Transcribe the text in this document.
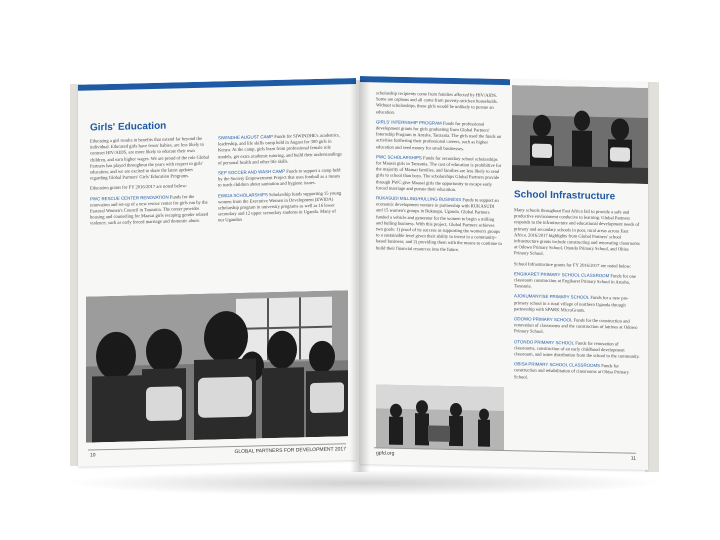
Girls' Education

Educating a girl results in benefits that extend far beyond the individual. Educated girls have fewer babies, are less likely to contract HIV/AIDS, are more likely to educate their own children, and earn higher wages. We are proud of the role Global Partners has played throughout the years with respect to girls' education, and we are excited to share the latest updates regarding Global Partners' Girls' Education Programs.

Education grants for FY 2016/2017 are noted below:

PWC RESCUE CENTER RENOVATION Funds for the renovation and set-up of a new rescue center for girls run by the Pastoral Women's Council in Tanzania. The center provides housing and counseling for Maasai girls escaping gender related violence, such as early forced marriage and domestic abuse.

SIWINDHE AUGUST CAMP Funds for SIWINDHE's academics, leadership, and life skills camp held in August for 300 girls in Kenya. At the camp, girls learn from professional female role models, get extra academic tutoring, and build their understandings of personal health and other life skills.

SEP SOCCER AND WASH CAMP Funds to support a camp held by the Society Empowerment Project that uses football as a means to teach children about sanitation and hygiene issues.

EWIDA SCHOLARSHIPS Scholarship funds supporting 15 young women from the Executive Women in Development (EWIDA) scholarship program in university programs as well as 16 lower secondary and 12 upper secondary students in Uganda. Many of our Ugandan

10
GLOBAL PARTNERS FOR DEVELOPMENT 2017

scholarship recipients come from families affected by HIV/AIDS. Some are orphans and all come from poverty-stricken households. Without scholarships, these girls would be unlikely to pursue an education.

GIRLS' INTERNSHIP PROGRAM Funds for professional development grants for girls graduating from Global Partners' Internship Program in Arusha, Tanzania. The girls used the funds on activities furthering their professional careers, such as higher education and seed money for small businesses.

PWC SCHOLARSHIPS Funds for secondary school scholarships for Maasai girls in Tanzania. The cost of education is prohibitive for the majority of Maasai families, and families are less likely to send girls to school than boys. The scholarships Global Partners provide through PWC give Maasai girls the opportunity to escape early forced marriage and pursue their education.

RUKASUDI MILLING/HULLING BUSINESS Funds to support an economic development venture in partnership with RUKASUDI and 15 women's groups in Bukungu, Uganda. Global Partners funded a vehicle and generator for the women to begin a milling and hulling business. With this project, Global Partners achieves two goals: 1) proof of its success as supporting the women's groups to a sustainable level given their ability to invest in a community-based business; and 2) providing them with the means to continue to build their financial resources into the future.

School Infrastructure

Many schools throughout East Africa fail to provide a safe and productive environment conducive to learning. Global Partners responds to the infrastructure and educational development needs of primary and secondary schools in poor, rural areas across East Africa. 2016/2017 highlights from Global Partners' school infrastructure grants include constructing and renovating classrooms at Odowo Primary School, Otondo Primary School, and Obisa Primary School.

School Infrastructure grants for FY 2016/2017 are noted below:

ENGIKARET PRIMARY SCHOOL CLASSROOM Funds for one classroom construction at Engikaret Primary School in Arusha, Tanzania.

AJOKUMANYISE PRIMARY SCHOOL Funds for a new pre-primary school in a rural village of northern Uganda through partnership with SPARK MicroGrants.

ODOWO PRIMARY SCHOOL Funds for the construction and renovation of classrooms and the construction of latrines at Odowo Primary School.

OTONDO PRIMARY SCHOOL Funds for renovation of classrooms, construction of an early childhood development classroom, and water distribution from the school to the community.

OBISA PRIMARY SCHOOL CLASSROOMS Funds for construction and rehabilitation of classrooms at Obisa Primary School.

gpfd.org
11
